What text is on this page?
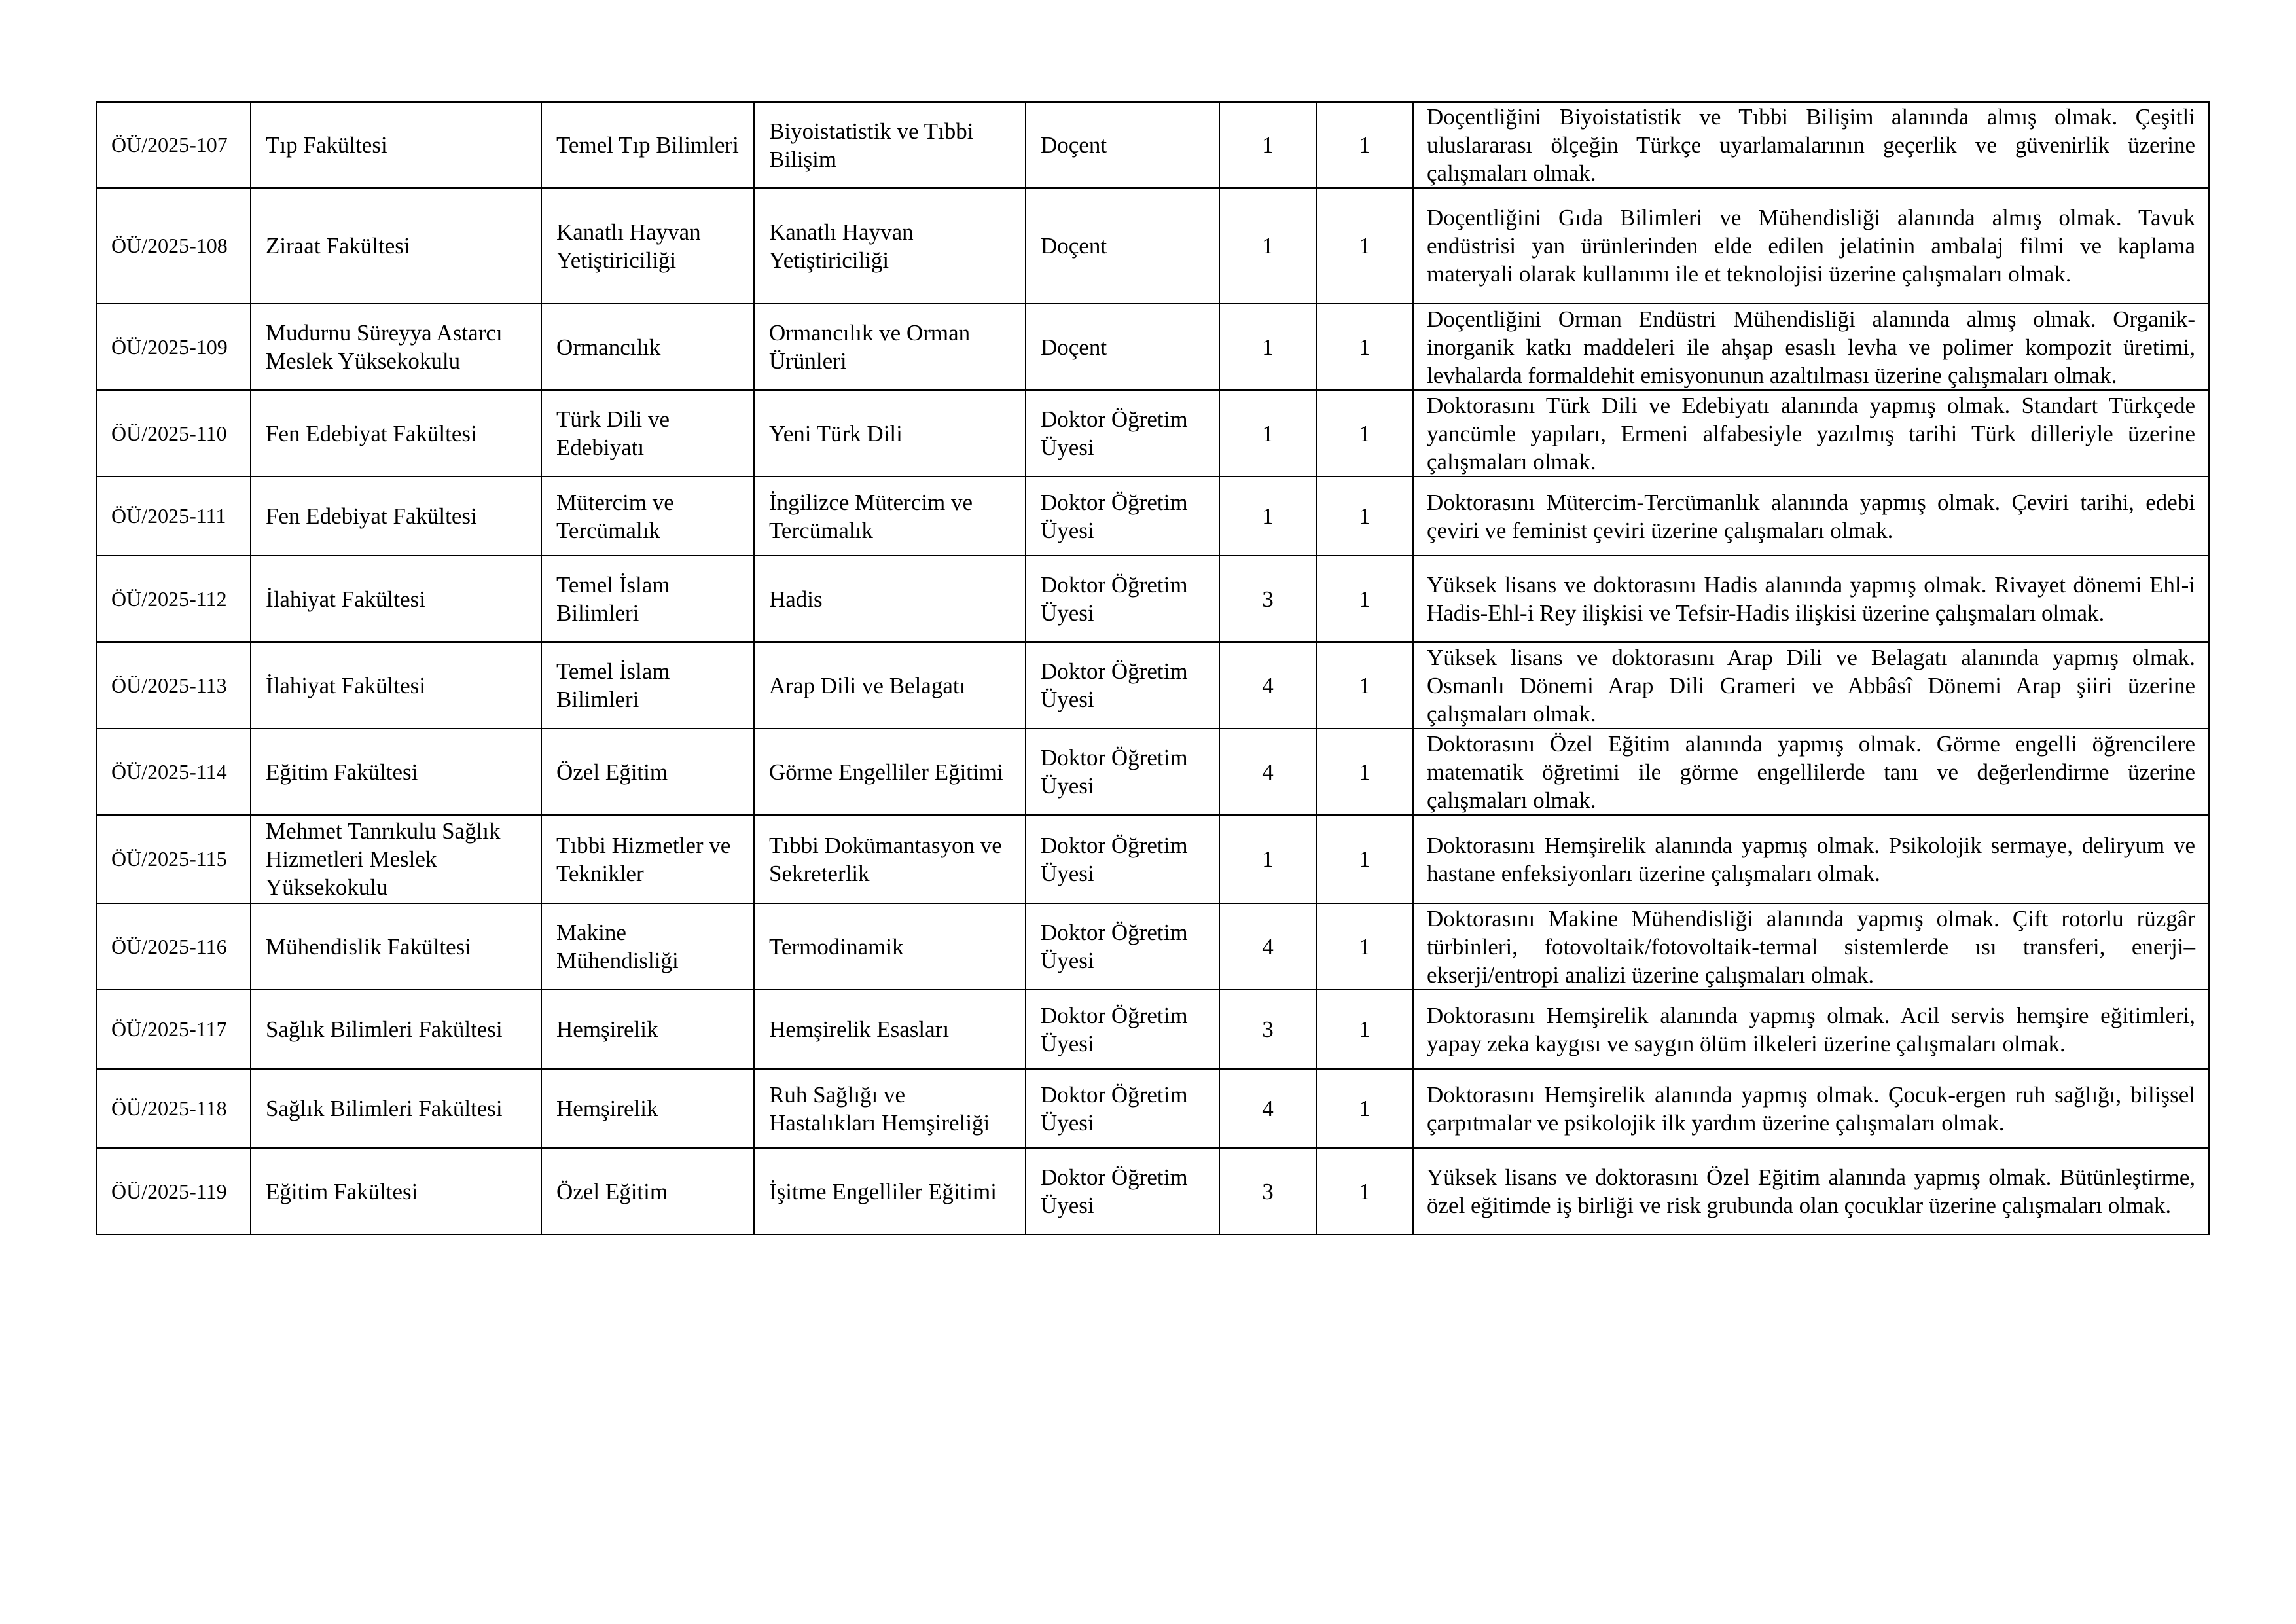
ÖÜ/2025-107	Tıp Fakültesi	Temel Tıp Bilimleri	Biyoistatistik ve Tıbbi Bilişim	Doçent	1	1	Doçentliğini Biyoistatistik ve Tıbbi Bilişim alanında almış olmak. Çeşitli uluslararası ölçeğin Türkçe uyarlamalarının geçerlik ve güvenirlik üzerine çalışmaları olmak.
ÖÜ/2025-108	Ziraat Fakültesi	Kanatlı Hayvan Yetiştiriciliği	Kanatlı Hayvan Yetiştiriciliği	Doçent	1	1	Doçentliğini Gıda Bilimleri ve Mühendisliği alanında almış olmak. Tavuk endüstrisi yan ürünlerinden elde edilen jelatinin ambalaj filmi ve kaplama materyali olarak kullanımı ile et teknolojisi üzerine çalışmaları olmak.
ÖÜ/2025-109	Mudurnu Süreyya Astarcı Meslek Yüksekokulu	Ormancılık	Ormancılık ve Orman Ürünleri	Doçent	1	1	Doçentliğini Orman Endüstri Mühendisliği alanında almış olmak. Organik-inorganik katkı maddeleri ile ahşap esaslı levha ve polimer kompozit üretimi, levhalarda formaldehit emisyonunun azaltılması üzerine çalışmaları olmak.
ÖÜ/2025-110	Fen Edebiyat Fakültesi	Türk Dili ve Edebiyatı	Yeni Türk Dili	Doktor Öğretim Üyesi	1	1	Doktorasını Türk Dili ve Edebiyatı alanında yapmış olmak. Standart Türkçede yancümle yapıları, Ermeni alfabesiyle yazılmış tarihi Türk dilleriyle üzerine çalışmaları olmak.
ÖÜ/2025-111	Fen Edebiyat Fakültesi	Mütercim ve Tercümalık	İngilizce Mütercim ve Tercümalık	Doktor Öğretim Üyesi	1	1	Doktorasını Mütercim-Tercümanlık alanında yapmış olmak. Çeviri tarihi, edebi çeviri ve feminist çeviri üzerine çalışmaları olmak.
ÖÜ/2025-112	İlahiyat Fakültesi	Temel İslam Bilimleri	Hadis	Doktor Öğretim Üyesi	3	1	Yüksek lisans ve doktorasını Hadis alanında yapmış olmak. Rivayet dönemi Ehl-i Hadis-Ehl-i Rey ilişkisi ve Tefsir-Hadis ilişkisi üzerine çalışmaları olmak.
ÖÜ/2025-113	İlahiyat Fakültesi	Temel İslam Bilimleri	Arap Dili ve Belagatı	Doktor Öğretim Üyesi	4	1	Yüksek lisans ve doktorasını Arap Dili ve Belagatı alanında yapmış olmak. Osmanlı Dönemi Arap Dili Grameri ve Abbâsî Dönemi Arap şiiri üzerine çalışmaları olmak.
ÖÜ/2025-114	Eğitim Fakültesi	Özel Eğitim	Görme Engelliler Eğitimi	Doktor Öğretim Üyesi	4	1	Doktorasını Özel Eğitim alanında yapmış olmak. Görme engelli öğrencilere matematik öğretimi ile görme engellilerde tanı ve değerlendirme üzerine çalışmaları olmak.
ÖÜ/2025-115	Mehmet Tanrıkulu Sağlık Hizmetleri Meslek Yüksekokulu	Tıbbi Hizmetler ve Teknikler	Tıbbi Dokümantasyon ve Sekreterlik	Doktor Öğretim Üyesi	1	1	Doktorasını Hemşirelik alanında yapmış olmak. Psikolojik sermaye, deliryum ve hastane enfeksiyonları üzerine çalışmaları olmak.
ÖÜ/2025-116	Mühendislik Fakültesi	Makine Mühendisliği	Termodinamik	Doktor Öğretim Üyesi	4	1	Doktorasını Makine Mühendisliği alanında yapmış olmak. Çift rotorlu rüzgâr türbinleri, fotovoltaik/fotovoltaik-termal sistemlerde ısı transferi, enerji–ekserji/entropi analizi üzerine çalışmaları olmak.
ÖÜ/2025-117	Sağlık Bilimleri Fakültesi	Hemşirelik	Hemşirelik Esasları	Doktor Öğretim Üyesi	3	1	Doktorasını Hemşirelik alanında yapmış olmak. Acil servis hemşire eğitimleri, yapay zeka kaygısı ve saygın ölüm ilkeleri üzerine çalışmaları olmak.
ÖÜ/2025-118	Sağlık Bilimleri Fakültesi	Hemşirelik	Ruh Sağlığı ve Hastalıkları Hemşireliği	Doktor Öğretim Üyesi	4	1	Doktorasını Hemşirelik alanında yapmış olmak. Çocuk-ergen ruh sağlığı, bilişsel çarpıtmalar ve psikolojik ilk yardım üzerine çalışmaları olmak.
ÖÜ/2025-119	Eğitim Fakültesi	Özel Eğitim	İşitme Engelliler Eğitimi	Doktor Öğretim Üyesi	3	1	Yüksek lisans ve doktorasını Özel Eğitim alanında yapmış olmak. Bütünleştirme, özel eğitimde iş birliği ve risk grubunda olan çocuklar üzerine çalışmaları olmak.
